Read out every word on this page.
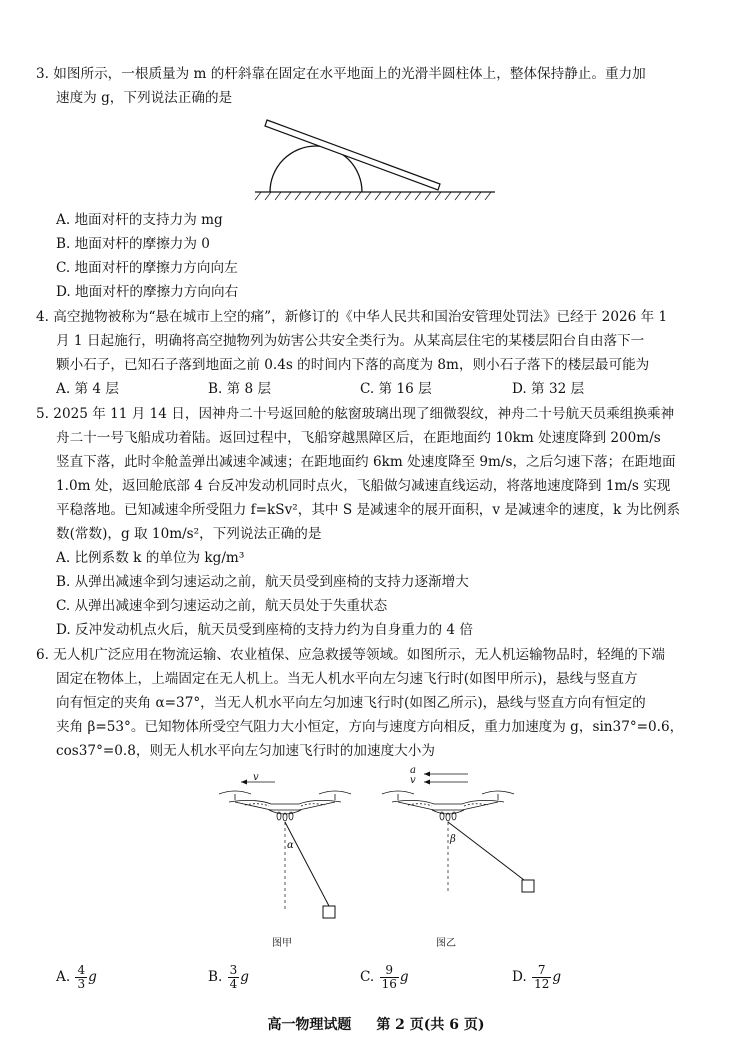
3. 如图所示，一根质量为 m 的杆斜靠在固定在水平地面上的光滑半圆柱体上，整体保持静止。重力加
速度为 g，下列说法正确的是
A. 地面对杆的支持力为 mg
B. 地面对杆的摩擦力为 0
C. 地面对杆的摩擦力方向向左
D. 地面对杆的摩擦力方向向右
4. 高空抛物被称为“悬在城市上空的痛”，新修订的《中华人民共和国治安管理处罚法》已经于 2026 年 1
月 1 日起施行，明确将高空抛物列为妨害公共安全类行为。从某高层住宅的某楼层阳台自由落下一
颗小石子，已知石子落到地面之前 0.4s 的时间内下落的高度为 8m，则小石子落下的楼层最可能为
A. 第 4 层	B. 第 8 层	C. 第 16 层	D. 第 32 层
5. 2025 年 11 月 14 日，因神舟二十号返回舱的舷窗玻璃出现了细微裂纹，神舟二十号航天员乘组换乘神
舟二十一号飞船成功着陆。返回过程中，飞船穿越黑障区后，在距地面约 10km 处速度降到 200m/s
竖直下落，此时伞舱盖弹出减速伞减速；在距地面约 6km 处速度降至 9m/s，之后匀速下落；在距地面
1.0m 处，返回舱底部 4 台反冲发动机同时点火，飞船做匀减速直线运动，将落地速度降到 1m/s 实现
平稳落地。已知减速伞所受阻力 f=kSv²，其中 S 是减速伞的展开面积，v 是减速伞的速度，k 为比例系
数(常数)，g 取 10m/s²，下列说法正确的是
A. 比例系数 k 的单位为 kg/m³
B. 从弹出减速伞到匀速运动之前，航天员受到座椅的支持力逐渐增大
C. 从弹出减速伞到匀速运动之前，航天员处于失重状态
D. 反冲发动机点火后，航天员受到座椅的支持力约为自身重力的 4 倍
6. 无人机广泛应用在物流运输、农业植保、应急救援等领域。如图所示，无人机运输物品时，轻绳的下端
固定在物体上，上端固定在无人机上。当无人机水平向左匀速飞行时(如图甲所示)，悬线与竖直方
向有恒定的夹角 α=37°，当无人机水平向左匀加速飞行时(如图乙所示)，悬线与竖直方向有恒定的
夹角 β=53°。已知物体所受空气阻力大小恒定，方向与速度方向相反，重力加速度为 g，sin37°=0.6，
cos37°=0.8，则无人机水平向左匀加速飞行时的加速度大小为
v
α
图甲
a
v
β
图乙
A. $\frac{4}{3}$ g	B. $\frac{3}{4}$ g	C. $\frac{9}{16}$ g	D. $\frac{7}{12}$ g
高一物理试题 第 2 页(共 6 页)
